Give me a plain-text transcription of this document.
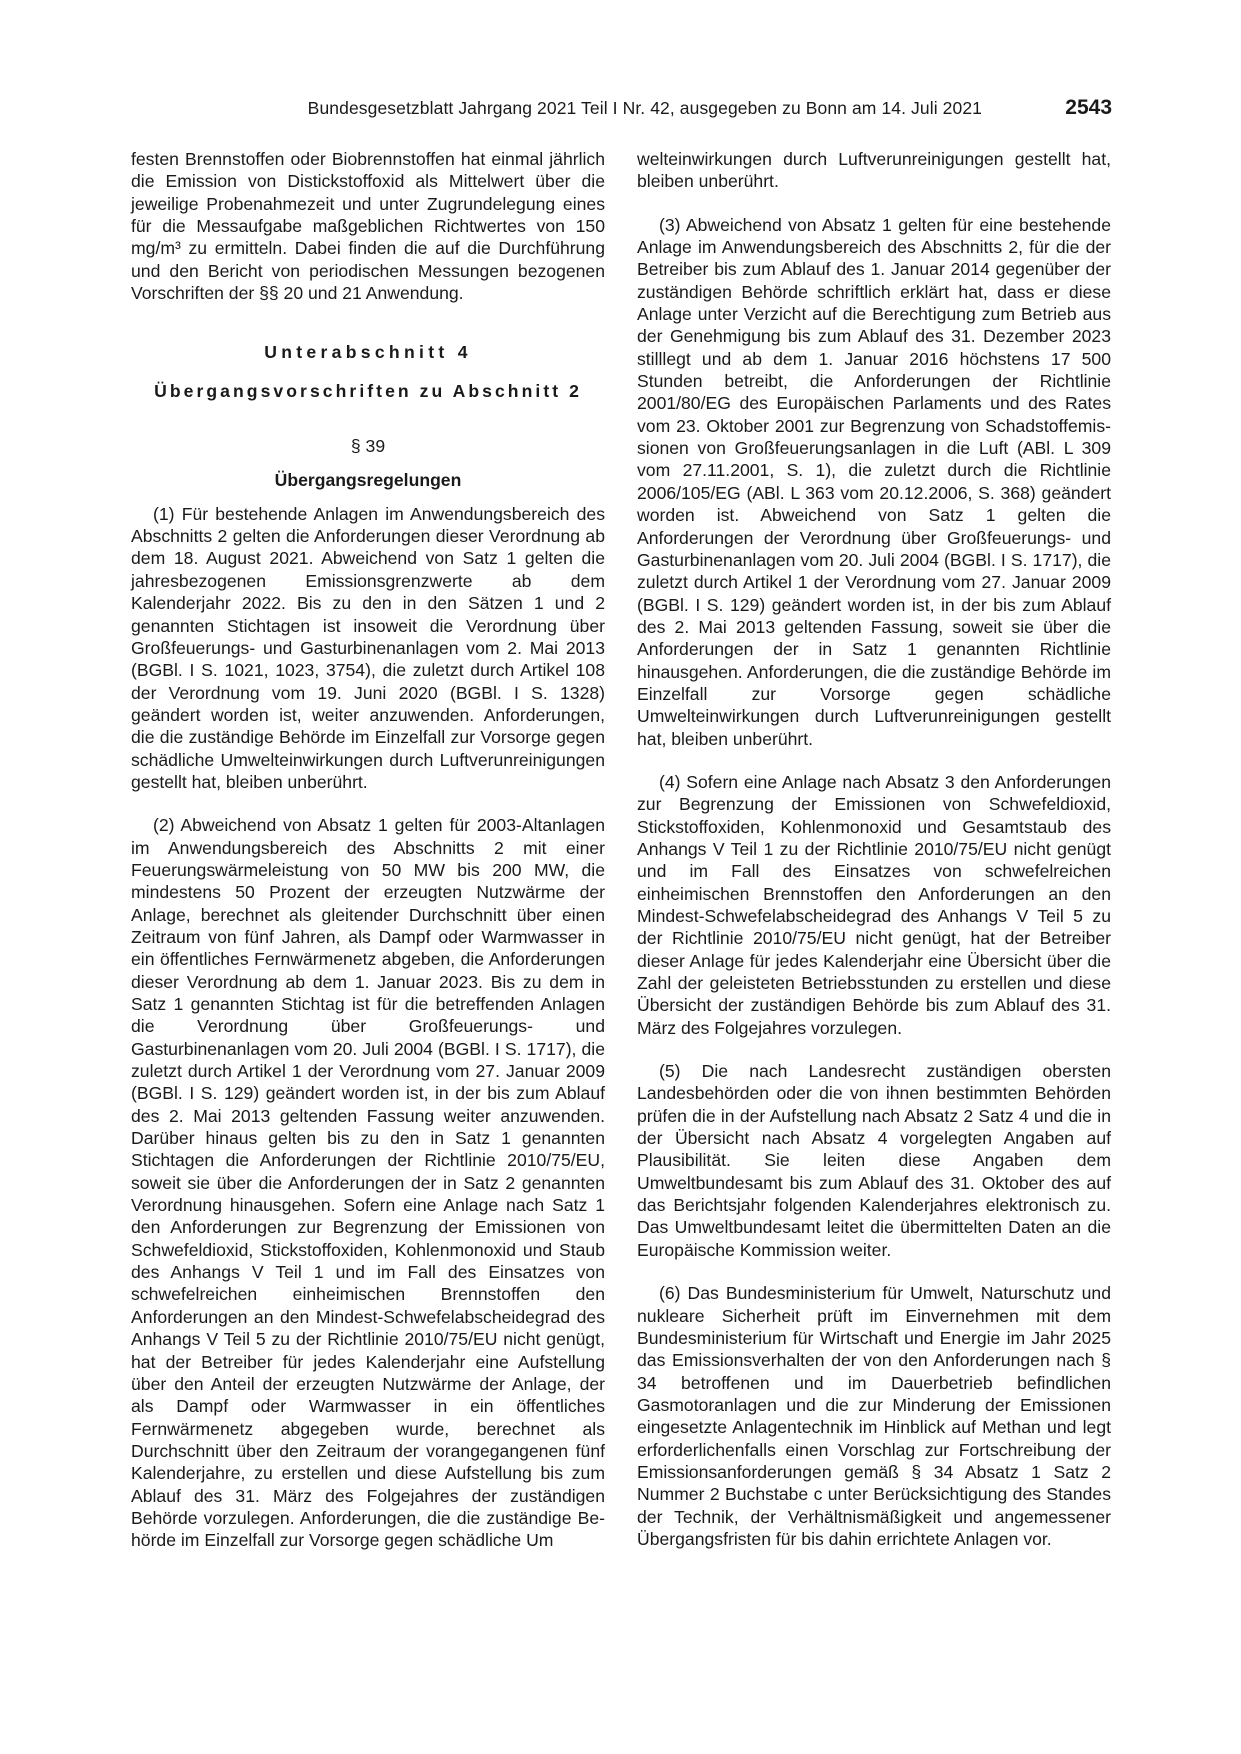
Bundesgesetzblatt Jahrgang 2021 Teil I Nr. 42, ausgegeben zu Bonn am 14. Juli 2021	2543

festen Brennstoffen oder Biobrennstoffen hat einmal jährlich die Emission von Distickstoffoxid als Mittelwert über die jeweilige Probenahmezeit und unter Zugrundelegung eines für die Messaufgabe maßgeblichen Richtwertes von 150 mg/m³ zu ermitteln. Dabei finden die auf die Durchführung und den Bericht von periodischen Messungen bezogenen Vorschriften der §§ 20 und 21 Anwendung.

Unterabschnitt 4

Übergangsvorschriften zu Abschnitt 2

§ 39

Übergangsregelungen

(1) Für bestehende Anlagen im Anwendungsbereich des Abschnitts 2 gelten die Anforderungen dieser Verordnung ab dem 18. August 2021. Abweichend von Satz 1 gelten die jahresbezogenen Emissionsgrenzwerte ab dem Kalenderjahr 2022. Bis zu den in den Sätzen 1 und 2 genannten Stichtagen ist insoweit die Verordnung über Großfeuerungs- und Gasturbinenanlagen vom 2. Mai 2013 (BGBl. I S. 1021, 1023, 3754), die zuletzt durch Artikel 108 der Verordnung vom 19. Juni 2020 (BGBl. I S. 1328) geändert worden ist, weiter anzuwenden. Anforderungen, die die zuständige Behörde im Einzelfall zur Vorsorge gegen schädliche Umwelteinwirkungen durch Luftverunreinigungen gestellt hat, bleiben unberührt.

(2) Abweichend von Absatz 1 gelten für 2003-Altanlagen im Anwendungsbereich des Abschnitts 2 mit einer Feuerungswärmeleistung von 50 MW bis 200 MW, die mindestens 50 Prozent der erzeugten Nutzwärme der Anlage, berechnet als gleitender Durchschnitt über einen Zeitraum von fünf Jahren, als Dampf oder Warmwasser in ein öffentliches Fernwärmenetz abgeben, die Anforderungen dieser Verordnung ab dem 1. Januar 2023. Bis zu dem in Satz 1 genannten Stichtag ist für die betreffenden Anlagen die Verordnung über Großfeuerungs- und Gasturbinenanlagen vom 20. Juli 2004 (BGBl. I S. 1717), die zuletzt durch Artikel 1 der Verordnung vom 27. Januar 2009 (BGBl. I S. 129) geändert worden ist, in der bis zum Ablauf des 2. Mai 2013 geltenden Fassung weiter anzuwenden. Darüber hinaus gelten bis zu den in Satz 1 genannten Stichtagen die Anforderungen der Richtlinie 2010/75/EU, soweit sie über die Anforderungen der in Satz 2 genannten Verordnung hinausgehen. Sofern eine Anlage nach Satz 1 den Anforderungen zur Begrenzung der Emissionen von Schwefeldioxid, Stickstoffoxiden, Kohlenmonoxid und Staub des Anhangs V Teil 1 und im Fall des Einsatzes von schwefelreichen einheimischen Brennstoffen den Anforderungen an den Mindest-Schwefelabscheidegrad des Anhangs V Teil 5 zu der Richtlinie 2010/75/EU nicht genügt, hat der Betreiber für jedes Kalenderjahr eine Aufstellung über den Anteil der erzeugten Nutzwärme der Anlage, der als Dampf oder Warmwasser in ein öffentliches Fernwärmenetz abgegeben wurde, berechnet als Durchschnitt über den Zeitraum der vorangegangenen fünf Kalenderjahre, zu erstellen und diese Aufstellung bis zum Ablauf des 31. März des Folgejahres der zuständigen Behörde vorzulegen. Anforderungen, die die zuständige Behörde im Einzelfall zur Vorsorge gegen schädliche Um

welteinwirkungen durch Luftverunreinigungen gestellt hat, bleiben unberührt.

(3) Abweichend von Absatz 1 gelten für eine bestehende Anlage im Anwendungsbereich des Abschnitts 2, für die der Betreiber bis zum Ablauf des 1. Januar 2014 gegenüber der zuständigen Behörde schriftlich erklärt hat, dass er diese Anlage unter Verzicht auf die Berechtigung zum Betrieb aus der Genehmigung bis zum Ablauf des 31. Dezember 2023 stilllegt und ab dem 1. Januar 2016 höchstens 17 500 Stunden betreibt, die Anforderungen der Richtlinie 2001/80/EG des Europäischen Parlaments und des Rates vom 23. Oktober 2001 zur Begrenzung von Schadstoffemissionen von Großfeuerungsanlagen in die Luft (ABl. L 309 vom 27.11.2001, S. 1), die zuletzt durch die Richtlinie 2006/105/EG (ABl. L 363 vom 20.12.2006, S. 368) geändert worden ist. Abweichend von Satz 1 gelten die Anforderungen der Verordnung über Großfeuerungs- und Gasturbinenanlagen vom 20. Juli 2004 (BGBl. I S. 1717), die zuletzt durch Artikel 1 der Verordnung vom 27. Januar 2009 (BGBl. I S. 129) geändert worden ist, in der bis zum Ablauf des 2. Mai 2013 geltenden Fassung, soweit sie über die Anforderungen der in Satz 1 genannten Richtlinie hinausgehen. Anforderungen, die die zuständige Behörde im Einzelfall zur Vorsorge gegen schädliche Umwelteinwirkungen durch Luftverunreinigungen gestellt hat, bleiben unberührt.

(4) Sofern eine Anlage nach Absatz 3 den Anforderungen zur Begrenzung der Emissionen von Schwefeldioxid, Stickstoffoxiden, Kohlenmonoxid und Gesamtstaub des Anhangs V Teil 1 zu der Richtlinie 2010/75/EU nicht genügt und im Fall des Einsatzes von schwefelreichen einheimischen Brennstoffen den Anforderungen an den Mindest-Schwefelabscheidegrad des Anhangs V Teil 5 zu der Richtlinie 2010/75/EU nicht genügt, hat der Betreiber dieser Anlage für jedes Kalenderjahr eine Übersicht über die Zahl der geleisteten Betriebsstunden zu erstellen und diese Übersicht der zuständigen Behörde bis zum Ablauf des 31. März des Folgejahres vorzulegen.

(5) Die nach Landesrecht zuständigen obersten Landesbehörden oder die von ihnen bestimmten Behörden prüfen die in der Aufstellung nach Absatz 2 Satz 4 und die in der Übersicht nach Absatz 4 vorgelegten Angaben auf Plausibilität. Sie leiten diese Angaben dem Umweltbundesamt bis zum Ablauf des 31. Oktober des auf das Berichtsjahr folgenden Kalenderjahres elektronisch zu. Das Umweltbundesamt leitet die übermittelten Daten an die Europäische Kommission weiter.

(6) Das Bundesministerium für Umwelt, Naturschutz und nukleare Sicherheit prüft im Einvernehmen mit dem Bundesministerium für Wirtschaft und Energie im Jahr 2025 das Emissionsverhalten der von den Anforderungen nach § 34 betroffenen und im Dauerbetrieb befindlichen Gasmotoranlagen und die zur Minderung der Emissionen eingesetzte Anlagentechnik im Hinblick auf Methan und legt erforderlichenfalls einen Vorschlag zur Fortschreibung der Emissionsanforderungen gemäß § 34 Absatz 1 Satz 2 Nummer 2 Buchstabe c unter Berücksichtigung des Standes der Technik, der Verhältnismäßigkeit und angemessener Übergangsfristen für bis dahin errichtete Anlagen vor.
